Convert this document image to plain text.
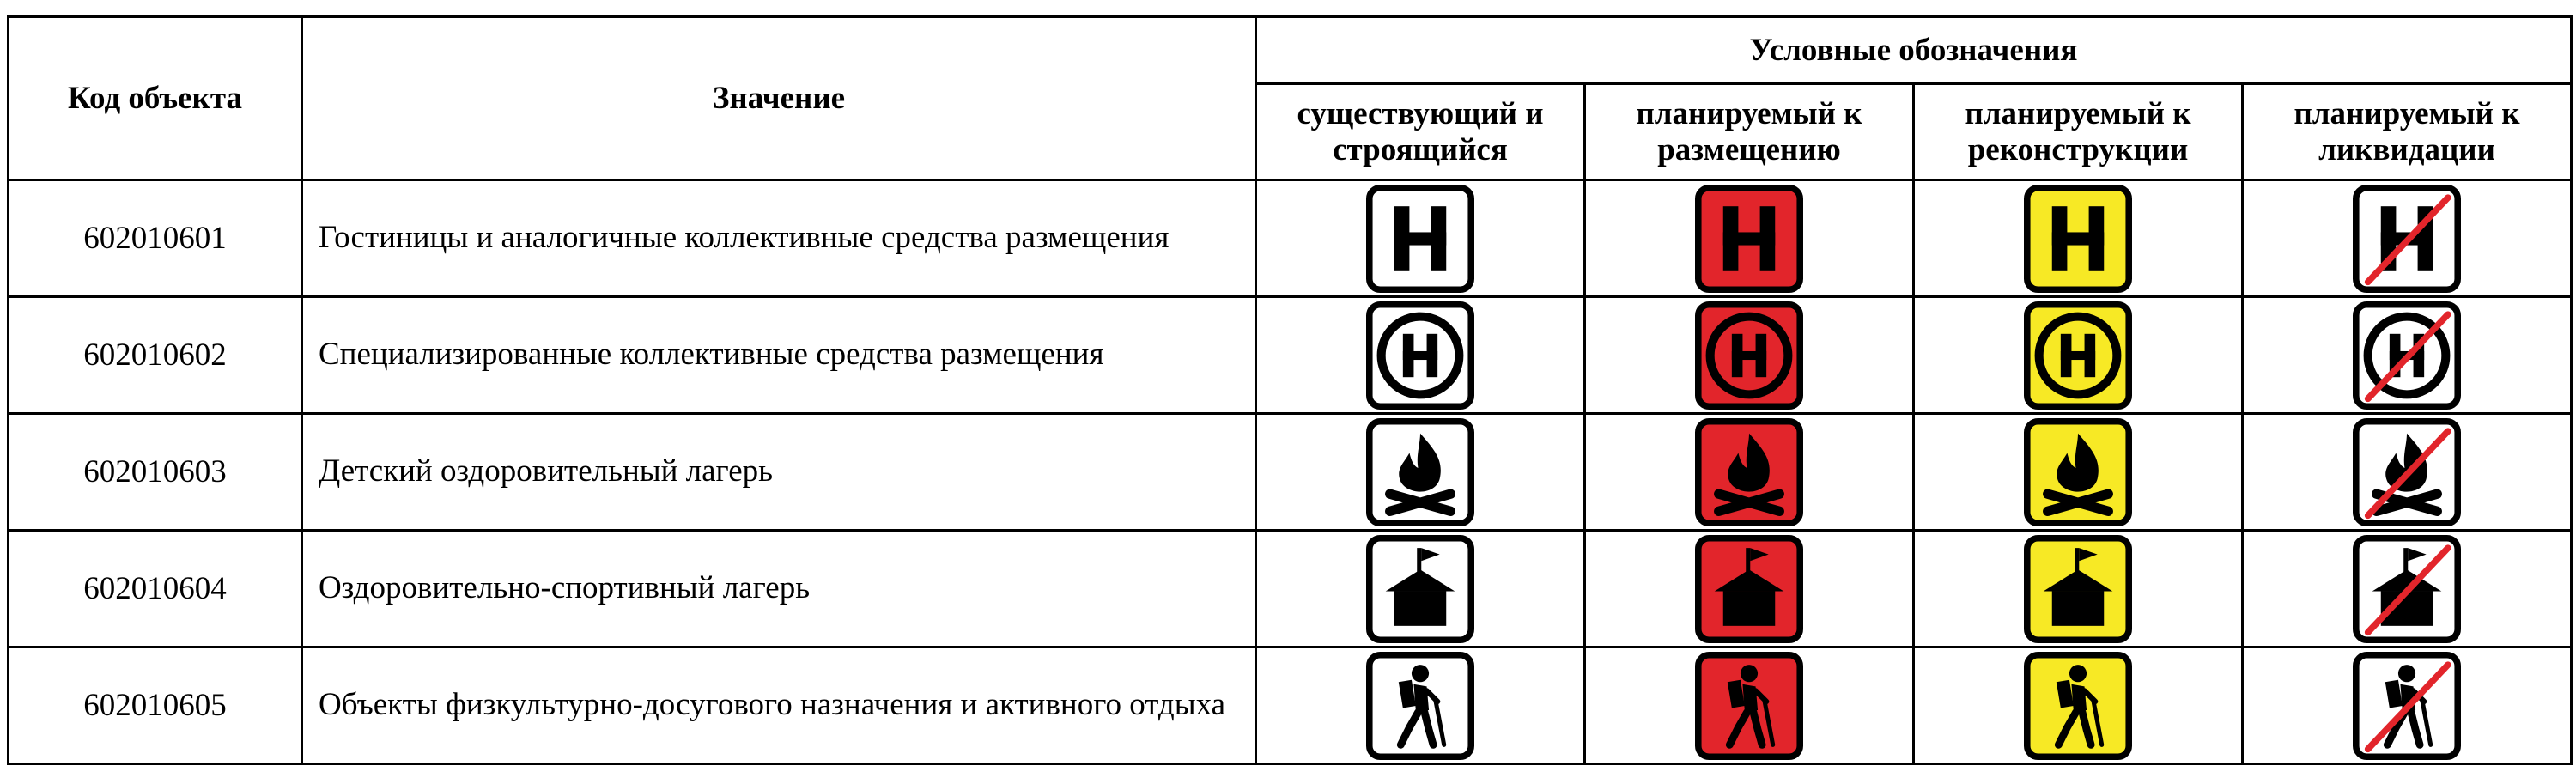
Код объекта	Значение	Условные обозначения			
		существующий и строящийся	планируемый к размещению	планируемый к реконструкции	планируемый к ликвидации
602010601	Гостиницы и аналогичные коллективные средства размещения	

602010602	Специализированные коллективные средства размещения	

602010603	Детский оздоровительный лагерь	

602010604	Оздоровительно-спортивный лагерь	

602010605	Объекты физкультурно-досугового назначения и активного отдыха	
